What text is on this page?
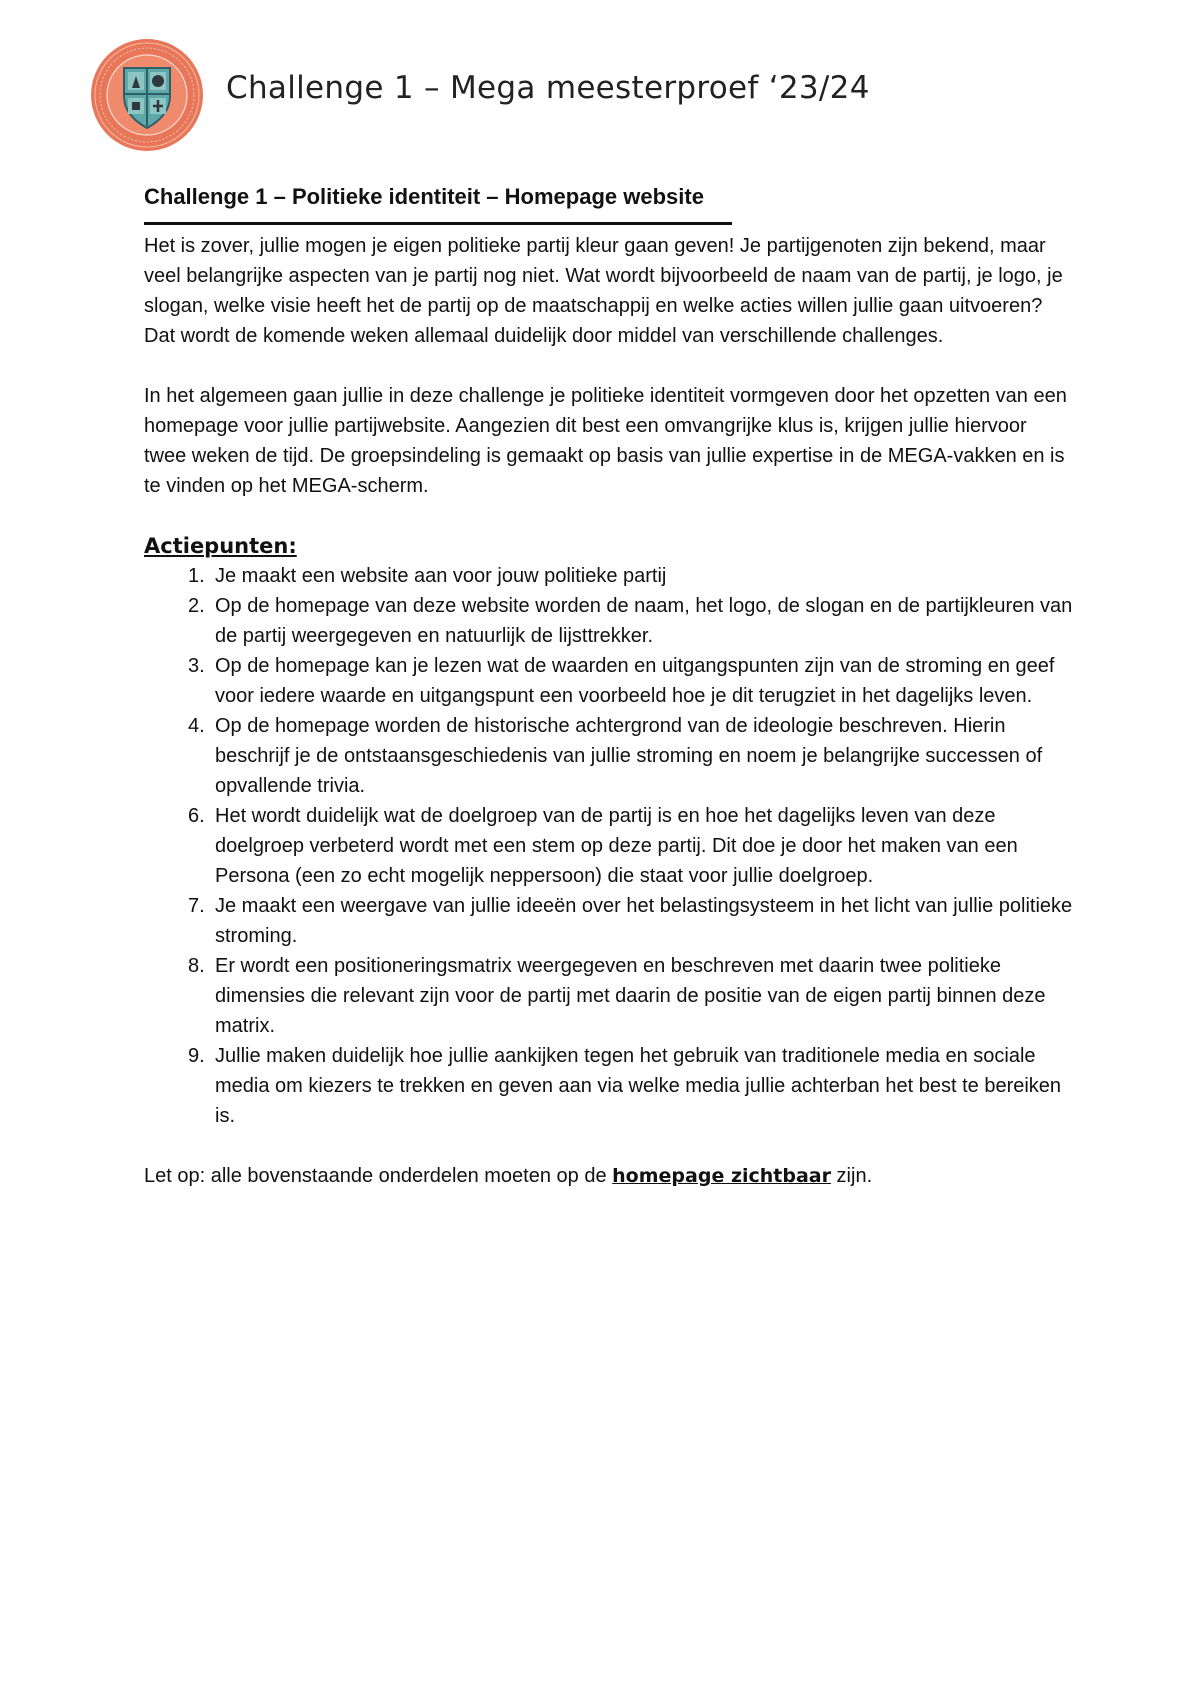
Challenge 1 – Mega meesterproef ‘23/24
Challenge 1 – Politieke identiteit – Homepage website

Het is zover, jullie mogen je eigen politieke partij kleur gaan geven! Je partijgenoten zijn bekend, maar veel belangrijke aspecten van je partij nog niet. Wat wordt bijvoorbeeld de naam van de partij, je logo, je slogan, welke visie heeft het de partij op de maatschappij en welke acties willen jullie gaan uitvoeren? Dat wordt de komende weken allemaal duidelijk door middel van verschillende challenges.

In het algemeen gaan jullie in deze challenge je politieke identiteit vormgeven door het opzetten van een homepage voor jullie partijwebsite. Aangezien dit best een omvangrijke klus is, krijgen jullie hiervoor twee weken de tijd. De groepsindeling is gemaakt op basis van jullie expertise in de MEGA-vakken en is te vinden op het MEGA-scherm.

Actiepunten:
1. Je maakt een website aan voor jouw politieke partij
2. Op de homepage van deze website worden de naam, het logo, de slogan en de partijkleuren van de partij weergegeven en natuurlijk de lijsttrekker.
3. Op de homepage kan je lezen wat de waarden en uitgangspunten zijn van de stroming en geef voor iedere waarde en uitgangspunt een voorbeeld hoe je dit terugziet in het dagelijks leven.
4. Op de homepage worden de historische achtergrond van de ideologie beschreven. Hierin beschrijf je de ontstaansgeschiedenis van jullie stroming en noem je belangrijke successen of opvallende trivia.
6. Het wordt duidelijk wat de doelgroep van de partij is en hoe het dagelijks leven van deze doelgroep verbeterd wordt met een stem op deze partij. Dit doe je door het maken van een Persona (een zo echt mogelijk neppersoon) die staat voor jullie doelgroep.
7. Je maakt een weergave van jullie ideeën over het belastingsysteem in het licht van jullie politieke stroming.
8. Er wordt een positioneringsmatrix weergegeven en beschreven met daarin twee politieke dimensies die relevant zijn voor de partij met daarin de positie van de eigen partij binnen deze matrix.
9. Jullie maken duidelijk hoe jullie aankijken tegen het gebruik van traditionele media en sociale media om kiezers te trekken en geven aan via welke media jullie achterban het best te bereiken is.

Let op: alle bovenstaande onderdelen moeten op de homepage zichtbaar zijn.
